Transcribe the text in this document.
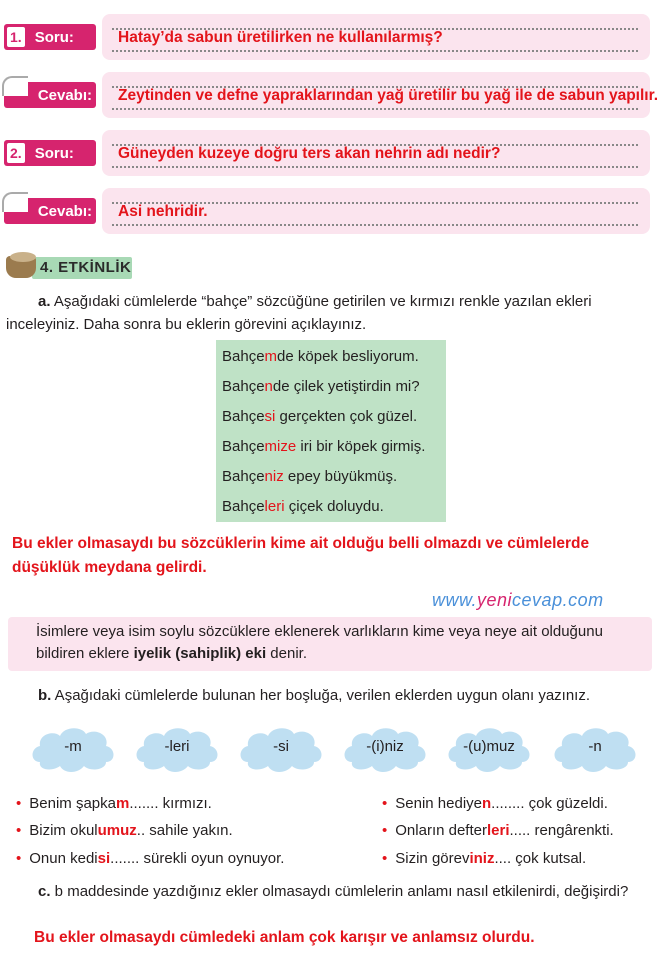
1. Soru:	Hatay’da sabun üretilirken ne kullanılarmış?
Cevabı: Zeytinden ve defne yapraklarından yağ üretilir bu yağ ile de sabun yapılır.
2. Soru:	Güneyden kuzeye doğru ters akan nehrin adı nedir?
Cevabı: Asi nehridir.
4. ETKİNLİK
a. Aşağıdaki cümlelerde “bahçe” sözcüğüne getirilen ve kırmızı renkle yazılan ekleri inceleyiniz. Daha sonra bu eklerin görevini açıklayınız.
Bahçemde köpek besliyorum.
Bahçende çilek yetiştirdin mi?
Bahçesi gerçekten çok güzel.
Bahçemize iri bir köpek girmiş.
Bahçeniz epey büyükmüş.
Bahçeleri çiçek doluydu.
Bu ekler olmasaydı bu sözcüklerin kime ait olduğu belli olmazdı ve cümlelerde düşüklük meydana gelirdi.
www.yenicevap.com
İsimlere veya isim soylu sözcüklere eklenerek varlıkların kime veya neye ait olduğunu bildiren eklere iyelik (sahiplik) eki denir.
b. Aşağıdaki cümlelerde bulunan her boşluğa, verilen eklerden uygun olanı yazınız.
-m	-leri	-si	-(i)niz	-(u)muz	-n
• Benim şapkam....... kırmızı.
• Bizim okulumuz.. sahile yakın.
• Onun kedisi....... sürekli oyun oynuyor.
• Senin hediyen........ çok güzeldi.
• Onların defterleri..... rengârenkti.
• Sizin göreviniz.... çok kutsal.
c. b maddesinde yazdığınız ekler olmasaydı cümlelerin anlamı nasıl etkilenirdi, değişirdi?
Bu ekler olmasaydı cümledeki anlam çok karışır ve anlamsız olurdu.
